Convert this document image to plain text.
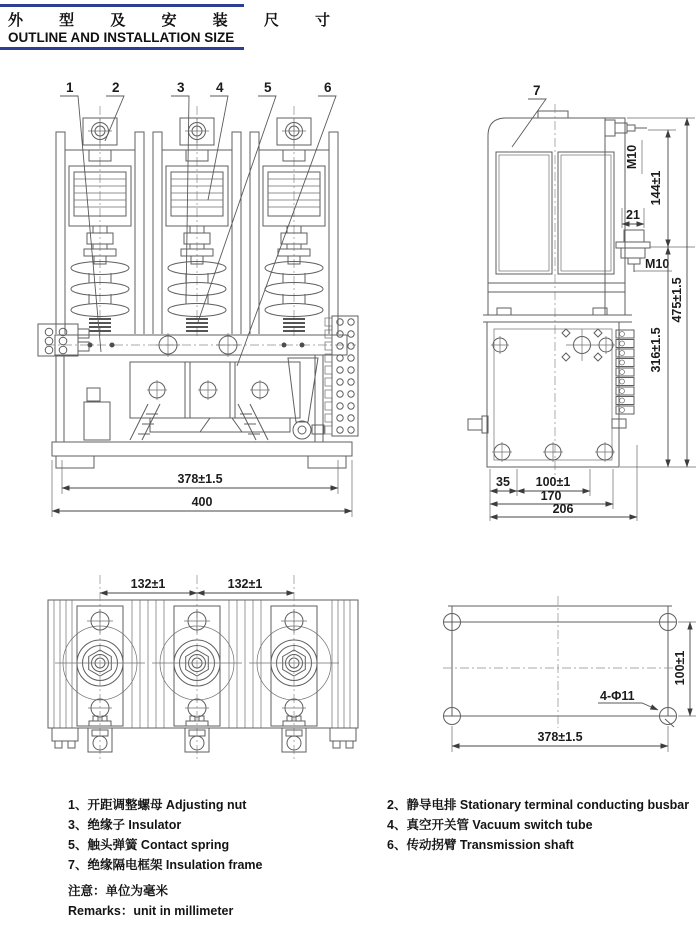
外 型 及 安 装 尺 寸
OUTLINE AND INSTALLATION SIZE
1	2	3 4	5	6
378±1.5
400
7
144±1
M10
21
M10
316±1.5
475±1.5
35 100±1
170
206
132±1	132±1
100±1
4-Φ11
378±1.5
1、开距调整螺母 Adjusting nut
3、绝缘子 Insulator
5、触头弹簧 Contact spring
7、绝缘隔电框架 Insulation frame
2、静导电排 Stationary terminal conducting busbar
4、真空开关管 Vacuum switch tube
6、传动拐臂 Transmission shaft
注意：单位为毫米
Remarks：unit in millimeter
